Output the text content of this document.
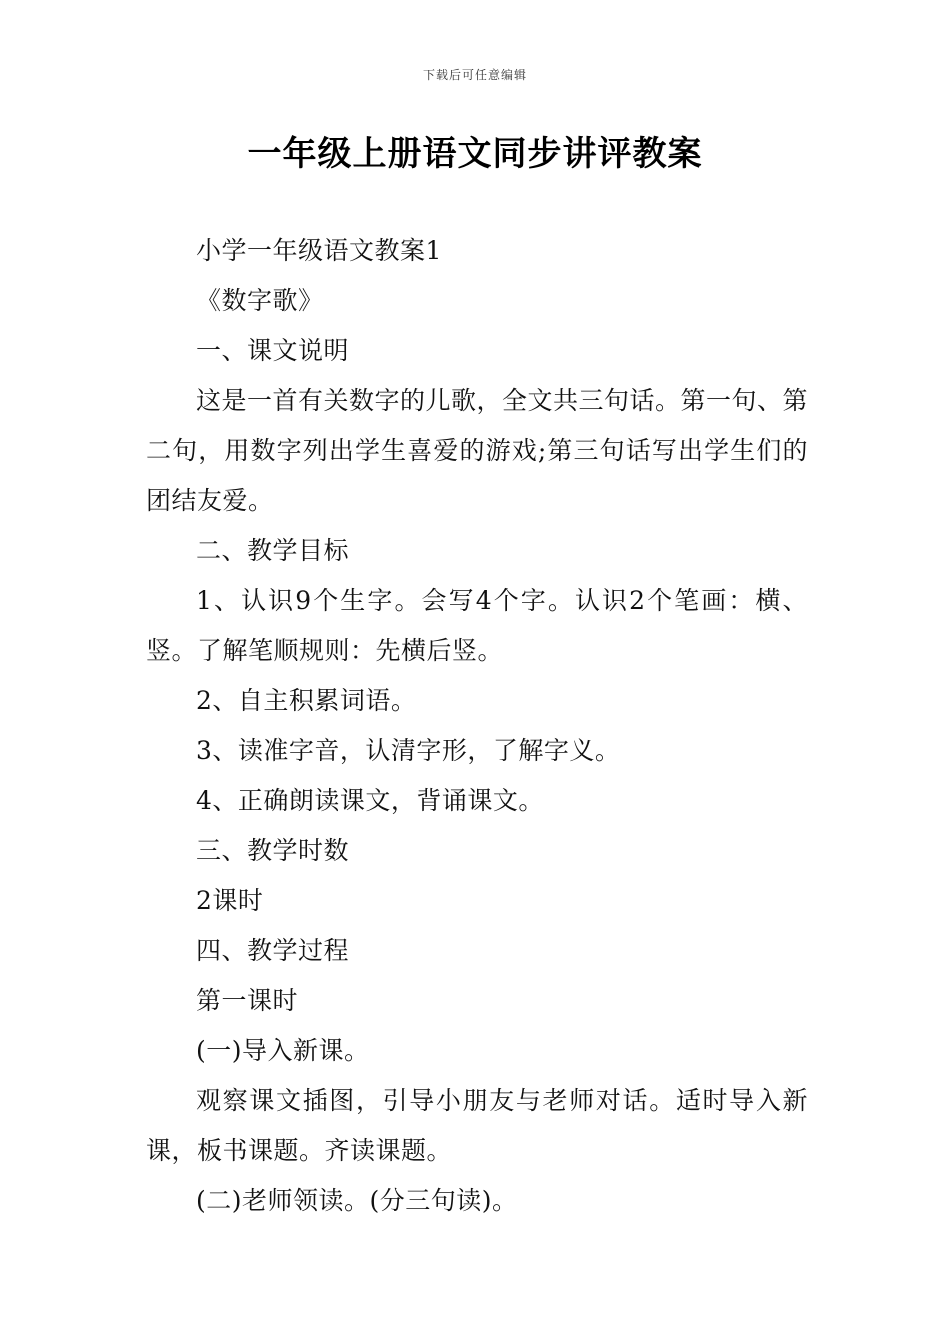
下载后可任意编辑
一年级上册语文同步讲评教案

小学一年级语文教案1

《数字歌》

一、课文说明

这是一首有关数字的儿歌，全文共三句话。第一句、第二句，用数字列出学生喜爱的游戏;第三句话写出学生们的团结友爱。

二、教学目标

1、认识9个生字。会写4个字。认识2个笔画：横、竖。了解笔顺规则：先横后竖。

2、自主积累词语。

3、读准字音，认清字形，了解字义。

4、正确朗读课文，背诵课文。

三、教学时数

2课时

四、教学过程

第一课时

(一)导入新课。

观察课文插图，引导小朋友与老师对话。适时导入新课，板书课题。齐读课题。

(二)老师领读。(分三句读)。
